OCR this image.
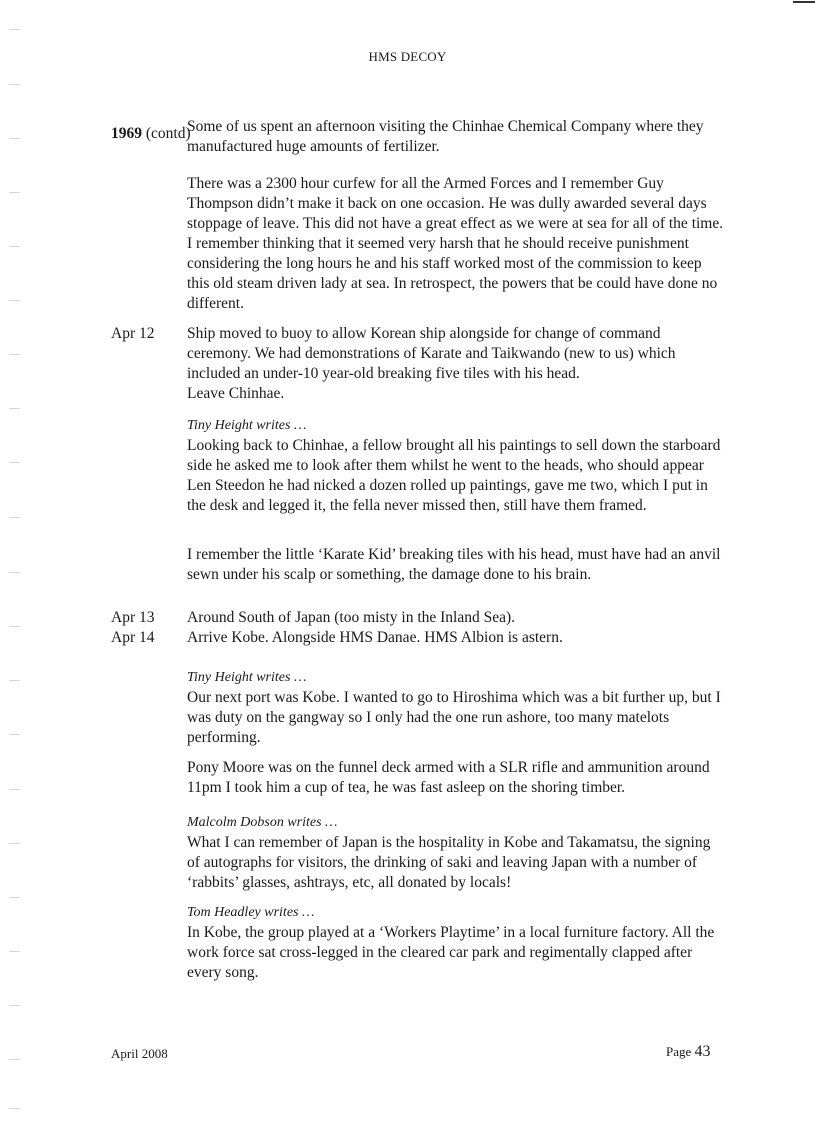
HMS DECOY
1969 (contd)
Some of us spent an afternoon visiting the Chinhae Chemical Company where they manufactured huge amounts of fertilizer.
There was a 2300 hour curfew for all the Armed Forces and I remember Guy Thompson didn’t make it back on one occasion. He was dully awarded several days stoppage of leave. This did not have a great effect as we were at sea for all of the time. I remember thinking that it seemed very harsh that he should receive punishment considering the long hours he and his staff worked most of the commission to keep this old steam driven lady at sea. In retrospect, the powers that be could have done no different.
Apr 12 Ship moved to buoy to allow Korean ship alongside for change of command ceremony. We had demonstrations of Karate and Taikwando (new to us) which included an under-10 year-old breaking five tiles with his head.
Leave Chinhae.
Tiny Height writes …
Looking back to Chinhae, a fellow brought all his paintings to sell down the starboard side he asked me to look after them whilst he went to the heads, who should appear Len Steedon he had nicked a dozen rolled up paintings, gave me two, which I put in the desk and legged it, the fella never missed then, still have them framed.
I remember the little ‘Karate Kid’ breaking tiles with his head, must have had an anvil sewn under his scalp or something, the damage done to his brain.
Apr 13 Around South of Japan (too misty in the Inland Sea).
Apr 14 Arrive Kobe. Alongside HMS Danae. HMS Albion is astern.
Tiny Height writes …
Our next port was Kobe. I wanted to go to Hiroshima which was a bit further up, but I was duty on the gangway so I only had the one run ashore, too many matelots performing.
Pony Moore was on the funnel deck armed with a SLR rifle and ammunition around 11pm I took him a cup of tea, he was fast asleep on the shoring timber.
Malcolm Dobson writes …
What I can remember of Japan is the hospitality in Kobe and Takamatsu, the signing of autographs for visitors, the drinking of saki and leaving Japan with a number of ‘rabbits’ glasses, ashtrays, etc, all donated by locals!
Tom Headley writes …
In Kobe, the group played at a ‘Workers Playtime’ in a local furniture factory. All the work force sat cross-legged in the cleared car park and regimentally clapped after every song.
April 2008	Page 43
